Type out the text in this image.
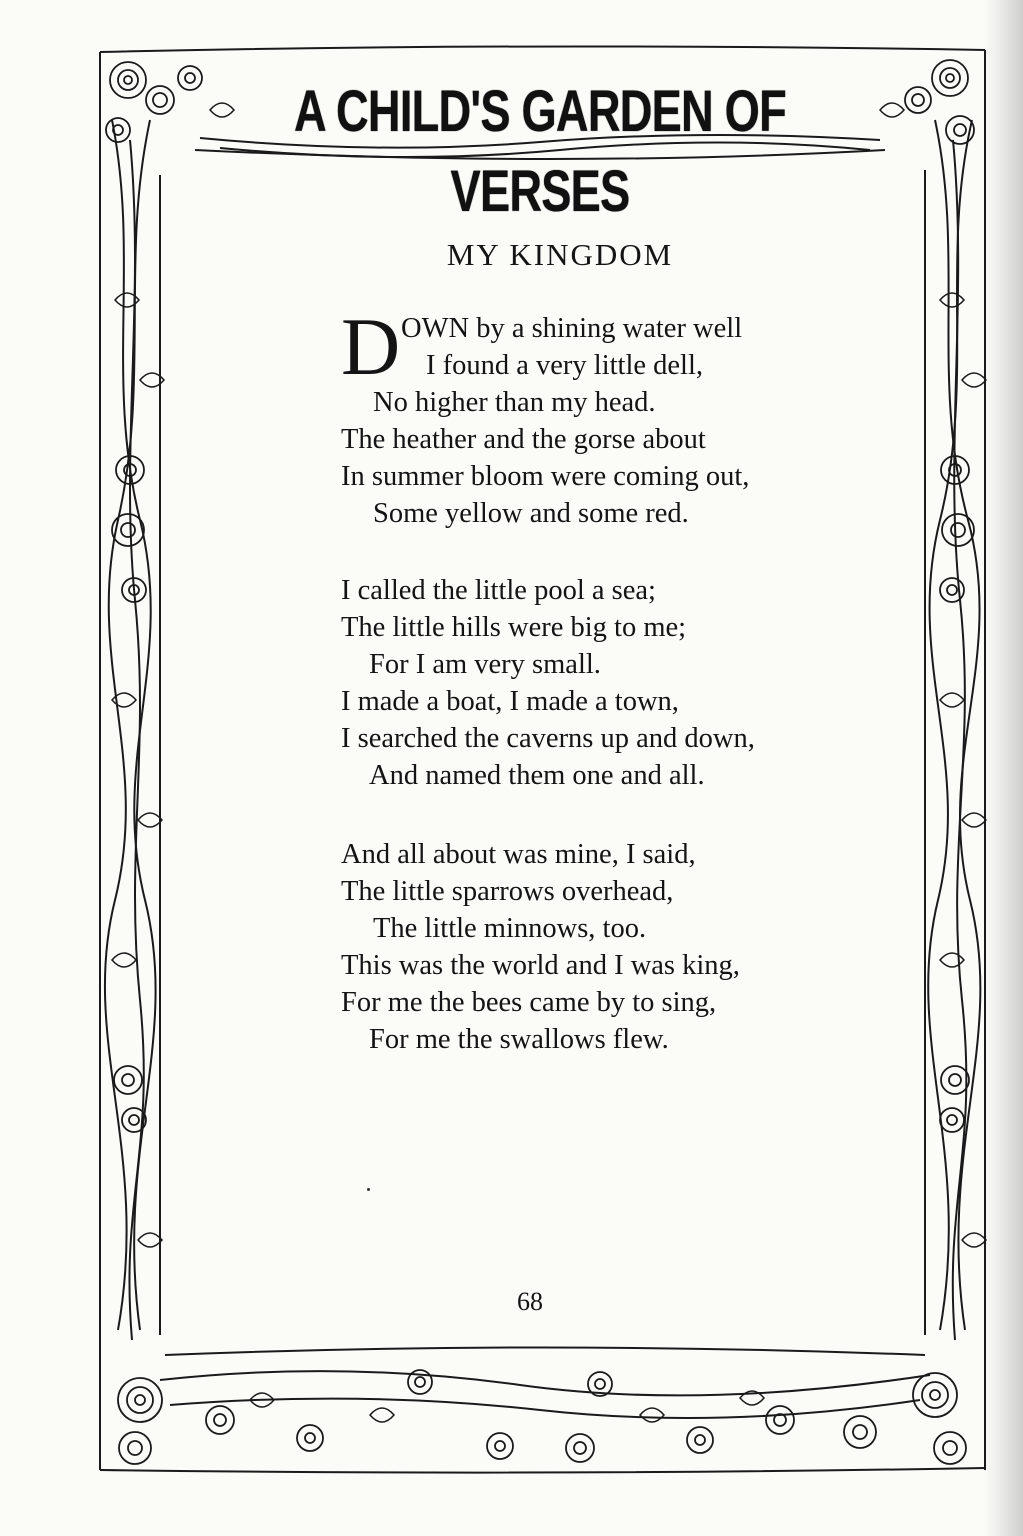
A CHILD'S GARDEN OF VERSES
MY KINGDOM
D OWN by a shining water well
I found a very little dell,
No higher than my head.
The heather and the gorse about
In summer bloom were coming out,
Some yellow and some red.
I called the little pool a sea;
The little hills were big to me;
For I am very small.
I made a boat, I made a town,
I searched the caverns up and down,
And named them one and all.
And all about was mine, I said,
The little sparrows overhead,
The little minnows, too.
This was the world and I was king,
For me the bees came by to sing,
For me the swallows flew.
68
